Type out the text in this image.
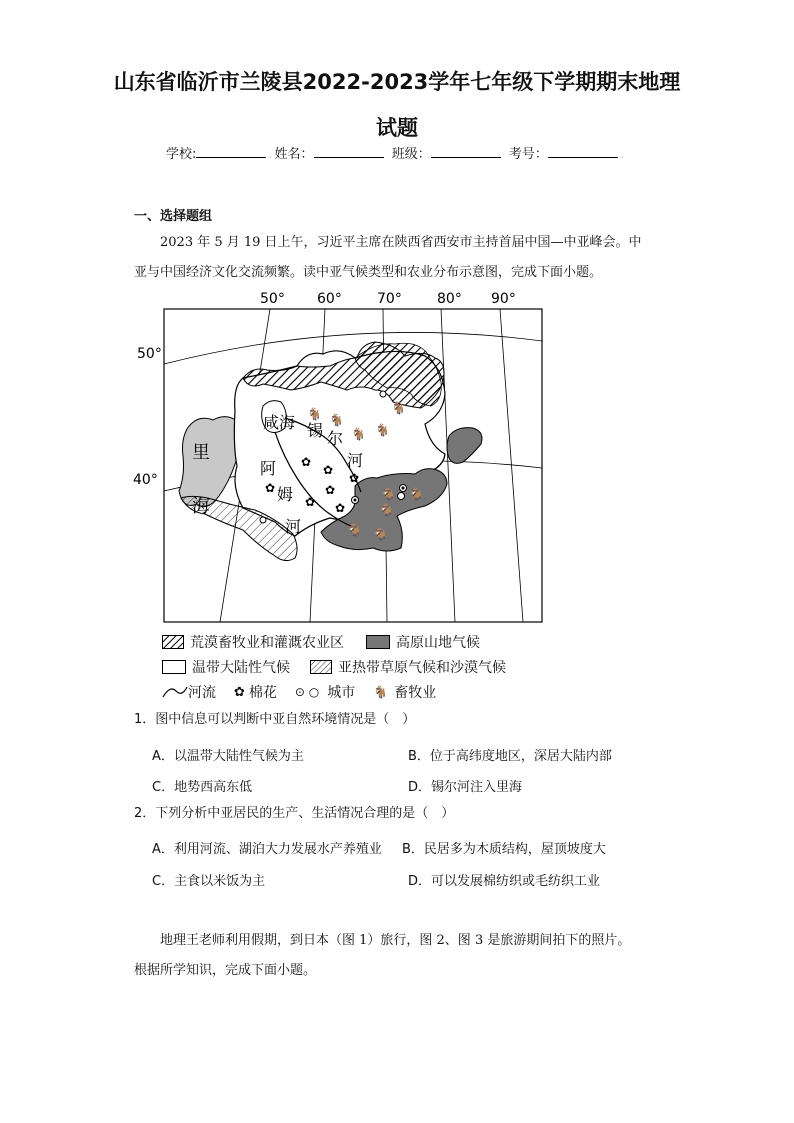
山东省临沂市兰陵县2022-2023学年七年级下学期期末地理
试题
学校:	姓名：	班级：	考号：
一、选择题组
2023 年 5 月 19 日上午，习近平主席在陕西省西安市主持首届中国—中亚峰会。中
亚与中国经济文化交流频繁。读中亚气候类型和农业分布示意图，完成下面小题。
50° 60°	70°	80° 90°
50°
40°
里
海
咸海 锡 尔
河
阿
姆
河
✿
✿
✿
✿
✿
✿
✿
🐐 🐐
🐐 🐐
🐐 🐐
🐐
🐐 🐐
🐐
荒漠畜牧业和灌溉农业区	高原山地气候
温带大陆性气候	亚热带草原气候和沙漠气候
河流 ✿ 棉花 ⊙ ○ 城市 🐐 畜牧业
1．图中信息可以判断中亚自然环境情况是（　）
A．以温带大陆性气候为主	B．位于高纬度地区，深居大陆内部
C．地势西高东低	D．锡尔河注入里海
2．下列分析中亚居民的生产、生活情况合理的是（　）
A．利用河流、湖泊大力发展水产养殖业 B．民居多为木质结构，屋顶坡度大
C．主食以米饭为主	D．可以发展棉纺织或毛纺织工业
地理王老师利用假期，到日本（图 1）旅行，图 2、图 3 是旅游期间拍下的照片。
根据所学知识，完成下面小题。
